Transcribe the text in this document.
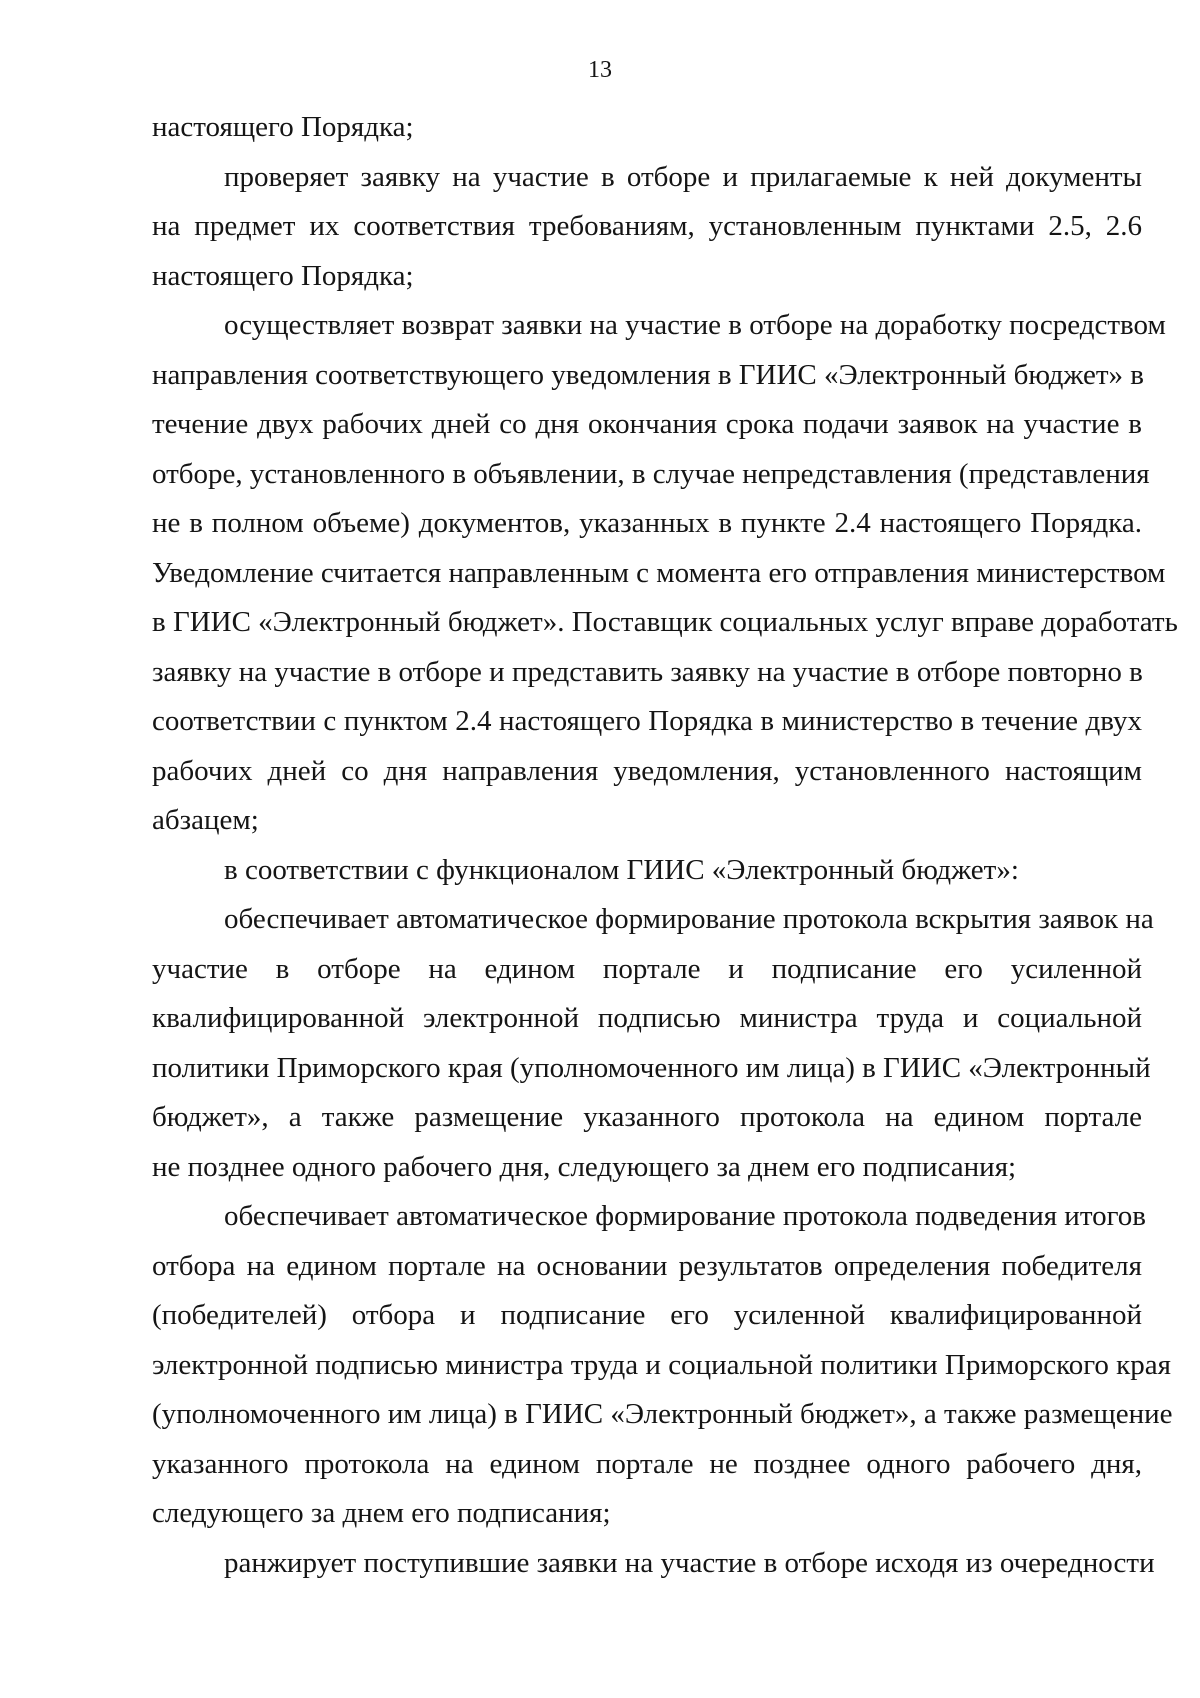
13
настоящего Порядка;
проверяет заявку на участие в отборе и прилагаемые к ней документы
на предмет их соответствия требованиям, установленным пунктами 2.5, 2.6
настоящего Порядка;
осуществляет возврат заявки на участие в отборе на доработку посредством
направления соответствующего уведомления в ГИИС «Электронный бюджет» в
течение двух рабочих дней со дня окончания срока подачи заявок на участие в
отборе, установленного в объявлении, в случае непредставления (представления
не в полном объеме) документов, указанных в пункте 2.4 настоящего Порядка.
Уведомление считается направленным с момента его отправления министерством
в ГИИС «Электронный бюджет». Поставщик социальных услуг вправе доработать
заявку на участие в отборе и представить заявку на участие в отборе повторно в
соответствии с пунктом 2.4 настоящего Порядка в министерство в течение двух
рабочих дней со дня направления уведомления, установленного настоящим
абзацем;
в соответствии с функционалом ГИИС «Электронный бюджет»:
обеспечивает автоматическое формирование протокола вскрытия заявок на
участие в отборе на едином портале и подписание его усиленной
квалифицированной электронной подписью министра труда и социальной
политики Приморского края (уполномоченного им лица) в ГИИС «Электронный
бюджет», а также размещение указанного протокола на едином портале
не позднее одного рабочего дня, следующего за днем его подписания;
обеспечивает автоматическое формирование протокола подведения итогов
отбора на едином портале на основании результатов определения победителя
(победителей) отбора и подписание его усиленной квалифицированной
электронной подписью министра труда и социальной политики Приморского края
(уполномоченного им лица) в ГИИС «Электронный бюджет», а также размещение
указанного протокола на едином портале не позднее одного рабочего дня,
следующего за днем его подписания;
ранжирует поступившие заявки на участие в отборе исходя из очередности
